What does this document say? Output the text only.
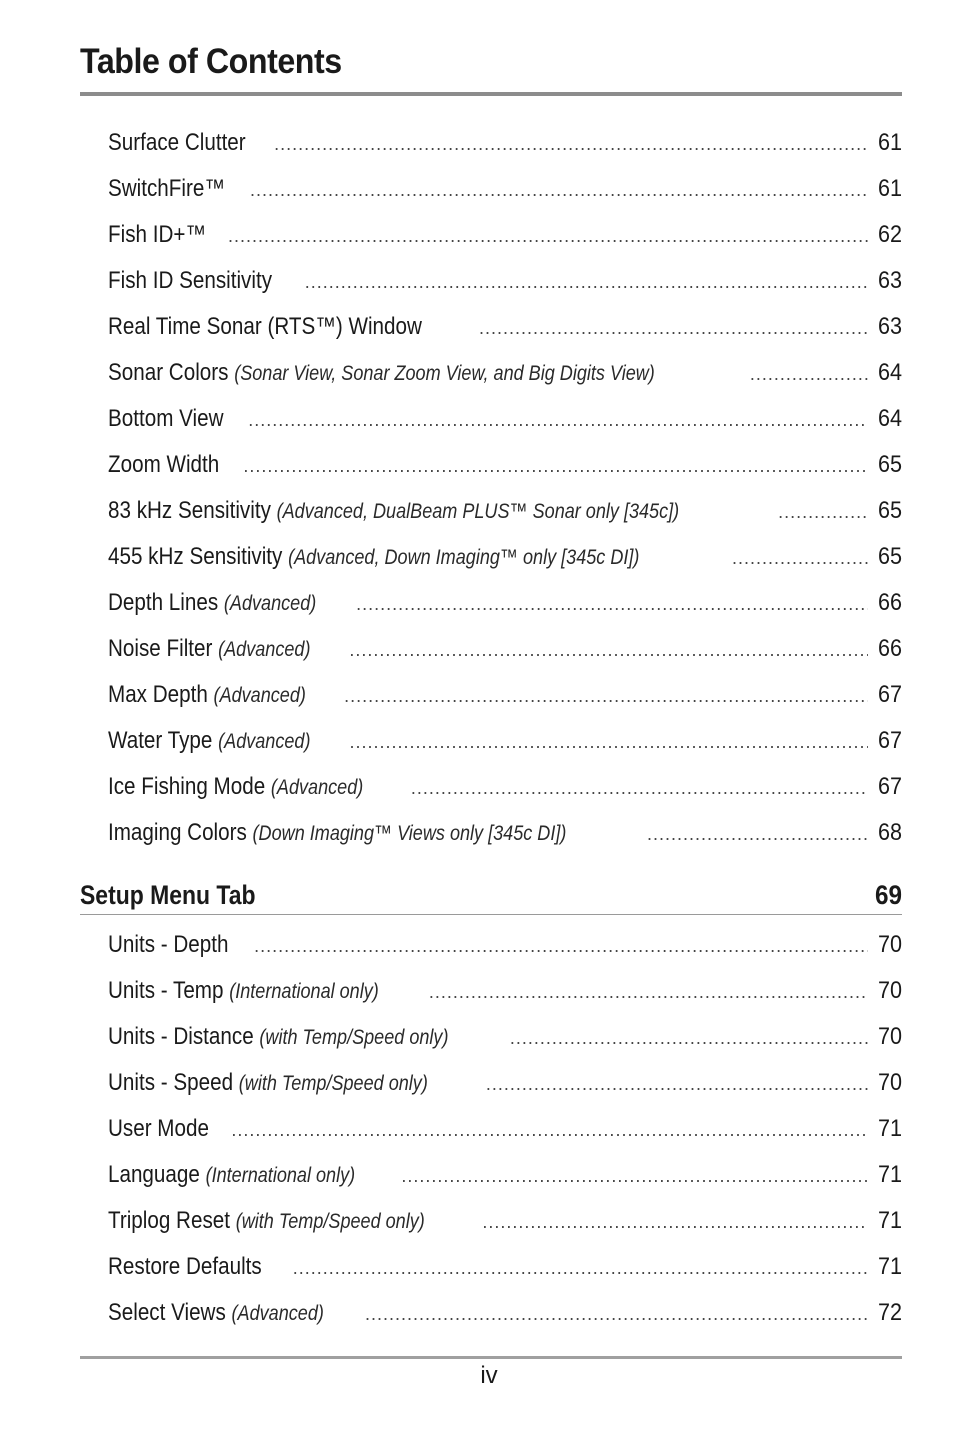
Table of Contents
Surface Clutter .....	61
SwitchFire™ .....	61
Fish ID+™ .....	62
Fish ID Sensitivity .....	63
Real Time Sonar (RTS™) Window .....	63
Sonar Colors (Sonar View, Sonar Zoom View, and Big Digits View) .....	64
Bottom View .....	64
Zoom Width .....	65
83 kHz Sensitivity (Advanced, DualBeam PLUS™ Sonar only [345c]) .....	65
455 kHz Sensitivity (Advanced, Down Imaging™ only [345c DI]) .....	65
Depth Lines (Advanced) .....	66
Noise Filter (Advanced) .....	66
Max Depth (Advanced) .....	67
Water Type (Advanced) .....	67
Ice Fishing Mode (Advanced) .....	67
Imaging Colors (Down Imaging™ Views only [345c DI]) .....	68
Setup Menu Tab	69
Units - Depth .....	70
Units - Temp (International only) .....	70
Units - Distance (with Temp/Speed only) .....	70
Units - Speed (with Temp/Speed only) .....	70
User Mode .....	71
Language (International only) .....	71
Triplog Reset (with Temp/Speed only) .....	71
Restore Defaults .....	71
Select Views (Advanced) .....	72
iv
